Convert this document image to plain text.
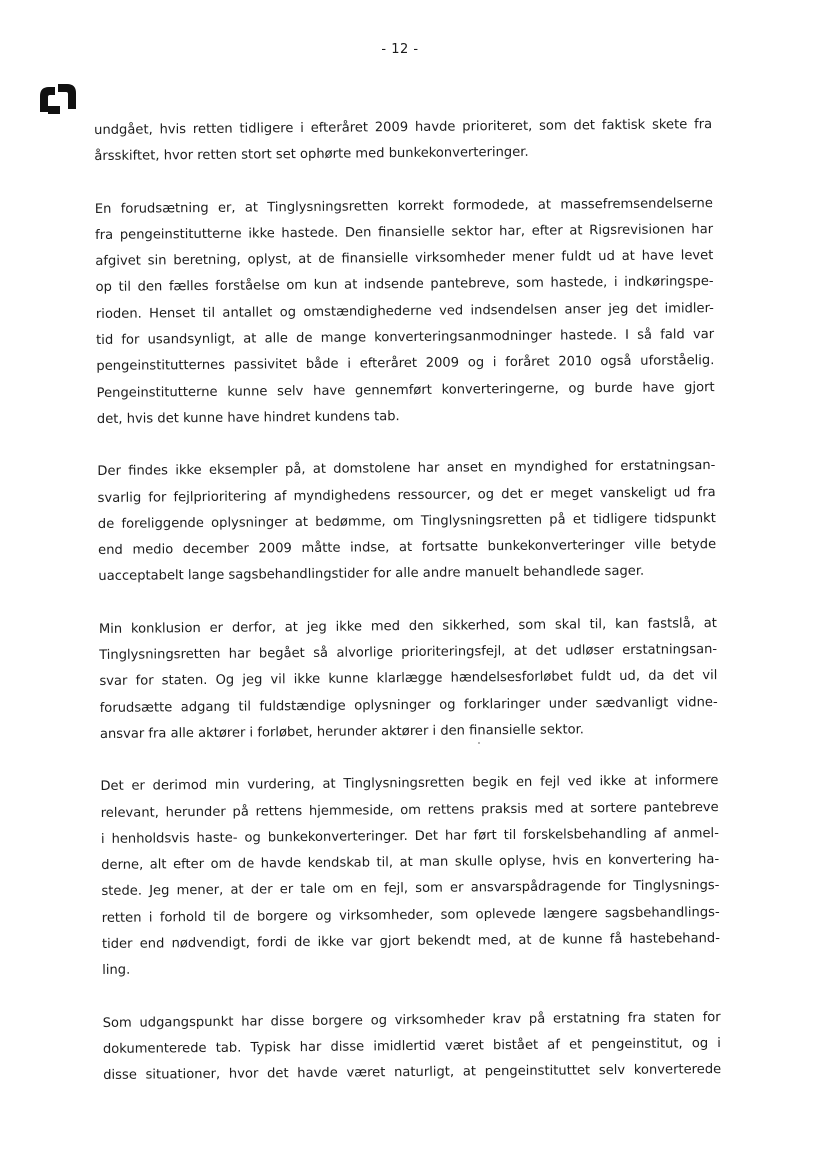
- 12 -
undgået, hvis retten tidligere i efteråret 2009 havde prioriteret, som det faktisk skete fra
årsskiftet, hvor retten stort set ophørte med bunkekonverteringer.
En forudsætning er, at Tinglysningsretten korrekt formodede, at massefremsendelserne
fra pengeinstitutterne ikke hastede. Den finansielle sektor har, efter at Rigsrevisionen har
afgivet sin beretning, oplyst, at de finansielle virksomheder mener fuldt ud at have levet
op til den fælles forståelse om kun at indsende pantebreve, som hastede, i indkøringspe-
rioden. Henset til antallet og omstændighederne ved indsendelsen anser jeg det imidler-
tid for usandsynligt, at alle de mange konverteringsanmodninger hastede. I så fald var
pengeinstitutternes passivitet både i efteråret 2009 og i foråret 2010 også uforståelig.
Pengeinstitutterne kunne selv have gennemført konverteringerne, og burde have gjort
det, hvis det kunne have hindret kundens tab.
Der findes ikke eksempler på, at domstolene har anset en myndighed for erstatningsan-
svarlig for fejlprioritering af myndighedens ressourcer, og det er meget vanskeligt ud fra
de foreliggende oplysninger at bedømme, om Tinglysningsretten på et tidligere tidspunkt
end medio december 2009 måtte indse, at fortsatte bunkekonverteringer ville betyde
uacceptabelt lange sagsbehandlingstider for alle andre manuelt behandlede sager.
Min konklusion er derfor, at jeg ikke med den sikkerhed, som skal til, kan fastslå, at
Tinglysningsretten har begået så alvorlige prioriteringsfejl, at det udløser erstatningsan-
svar for staten. Og jeg vil ikke kunne klarlægge hændelsesforløbet fuldt ud, da det vil
forudsætte adgang til fuldstændige oplysninger og forklaringer under sædvanligt vidne-
ansvar fra alle aktører i forløbet, herunder aktører i den finansielle sektor.
Det er derimod min vurdering, at Tinglysningsretten begik en fejl ved ikke at informere
relevant, herunder på rettens hjemmeside, om rettens praksis med at sortere pantebreve
i henholdsvis haste- og bunkekonverteringer. Det har ført til forskelsbehandling af anmel-
derne, alt efter om de havde kendskab til, at man skulle oplyse, hvis en konvertering ha-
stede. Jeg mener, at der er tale om en fejl, som er ansvarspådragende for Tinglysnings-
retten i forhold til de borgere og virksomheder, som oplevede længere sagsbehandlings-
tider end nødvendigt, fordi de ikke var gjort bekendt med, at de kunne få hastebehand-
ling.
Som udgangspunkt har disse borgere og virksomheder krav på erstatning fra staten for
dokumenterede tab. Typisk har disse imidlertid været bistået af et pengeinstitut, og i
disse situationer, hvor det havde været naturligt, at pengeinstituttet selv konverterede
